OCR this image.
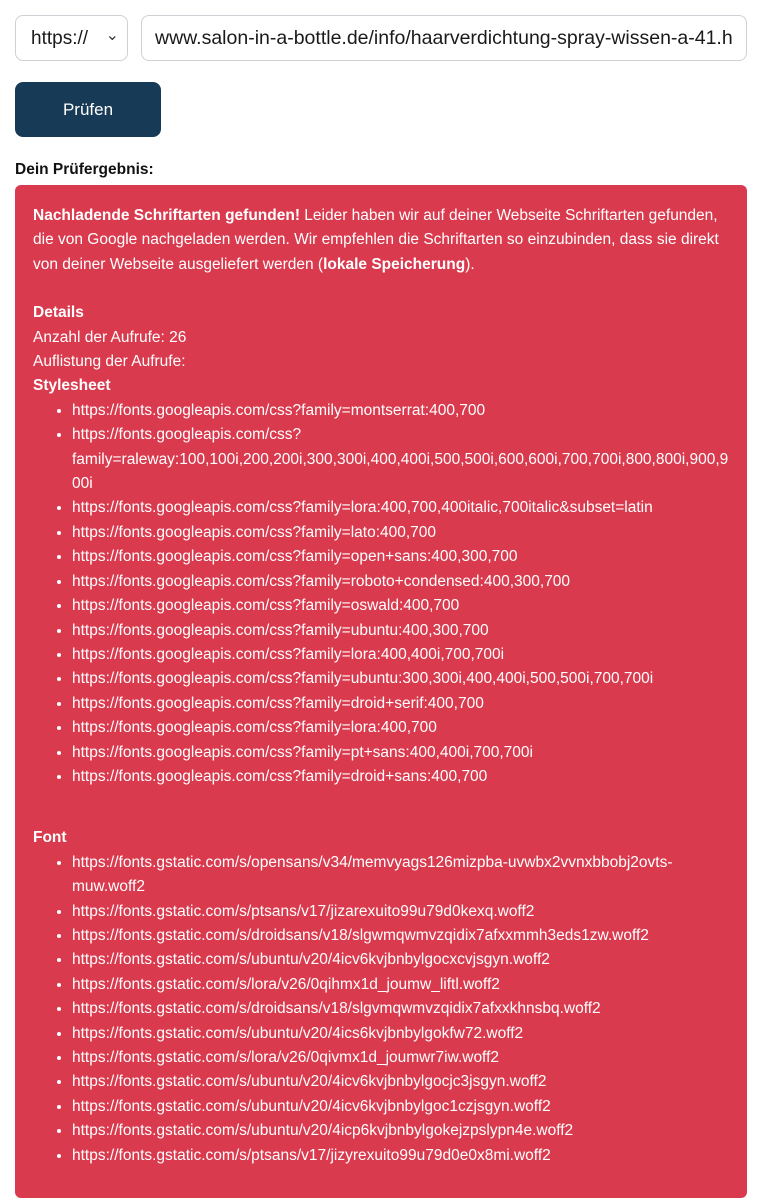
https://
⌄
www.salon-in-a-bottle.de/info/haarverdichtung-spray-wissen-a-41.html
Prüfen
Dein Prüfergebnis:

Nachladende Schriftarten gefunden! Leider haben wir auf deiner Webseite Schriftarten gefunden, die von Google nachgeladen werden. Wir empfehlen die Schriftarten so einzubinden, dass sie direkt von deiner Webseite ausgeliefert werden (lokale Speicherung).

Details
Anzahl der Aufrufe: 26
Auflistung der Aufrufe:
Stylesheet
• https://fonts.googleapis.com/css?family=montserrat:400,700
• https://fonts.googleapis.com/css?family=raleway:100,100i,200,200i,300,300i,400,400i,500,500i,600,600i,700,700i,800,800i,900,900i
• https://fonts.googleapis.com/css?family=lora:400,700,400italic,700italic&subset=latin
• https://fonts.googleapis.com/css?family=lato:400,700
• https://fonts.googleapis.com/css?family=open+sans:400,300,700
• https://fonts.googleapis.com/css?family=roboto+condensed:400,300,700
• https://fonts.googleapis.com/css?family=oswald:400,700
• https://fonts.googleapis.com/css?family=ubuntu:400,300,700
• https://fonts.googleapis.com/css?family=lora:400,400i,700,700i
• https://fonts.googleapis.com/css?family=ubuntu:300,300i,400,400i,500,500i,700,700i
• https://fonts.googleapis.com/css?family=droid+serif:400,700
• https://fonts.googleapis.com/css?family=lora:400,700
• https://fonts.googleapis.com/css?family=pt+sans:400,400i,700,700i
• https://fonts.googleapis.com/css?family=droid+sans:400,700
Font
• https://fonts.gstatic.com/s/opensans/v34/memvyags126mizpba-uvwbx2vvnxbbobj2ovts-muw.woff2
• https://fonts.gstatic.com/s/ptsans/v17/jizarexuito99u79d0kexq.woff2
• https://fonts.gstatic.com/s/droidsans/v18/slgwmqwmvzqidix7afxxmmh3eds1zw.woff2
• https://fonts.gstatic.com/s/ubuntu/v20/4icv6kvjbnbylgocxcvjsgyn.woff2
• https://fonts.gstatic.com/s/lora/v26/0qihmx1d_joumw_liftl.woff2
• https://fonts.gstatic.com/s/droidsans/v18/slgvmqwmvzqidix7afxxkhnsbq.woff2
• https://fonts.gstatic.com/s/ubuntu/v20/4ics6kvjbnbylgokfw72.woff2
• https://fonts.gstatic.com/s/lora/v26/0qivmx1d_joumwr7iw.woff2
• https://fonts.gstatic.com/s/ubuntu/v20/4icv6kvjbnbylgocjc3jsgyn.woff2
• https://fonts.gstatic.com/s/ubuntu/v20/4icv6kvjbnbylgoc1czjsgyn.woff2
• https://fonts.gstatic.com/s/ubuntu/v20/4icp6kvjbnbylgokejzpslypn4e.woff2
• https://fonts.gstatic.com/s/ptsans/v17/jizyrexuito99u79d0e0x8mi.woff2
